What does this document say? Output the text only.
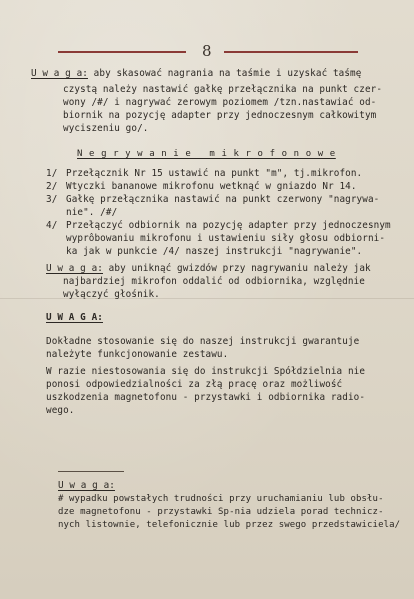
8
U w a g a: aby skasować nagrania na taśmie i uzyskać taśmę
czystą należy nastawić gałkę przełącznika na punkt czer-
wony /#/ i nagrywać zerowym poziomem /tzn.nastawiać od-
biornik na pozycję adapter przy jednoczesnym całkowitym
wyciszeniu go/.
N e g r y w a n i e   m i k r o f o n o w e
1/ Przełącznik Nr 15 ustawić na punkt "m", tj.mikrofon.
2/ Wtyczki bananowe mikrofonu wetknąć w gniazdo Nr 14.
3/ Gałkę przełącznika nastawić na punkt czerwony "nagrywa-
nie". /#/
4/ Przełączyć odbiornik na pozycję adapter przy jednoczesnym
wyprôbowaniu mikrofonu i ustawieniu siły głosu odbiorni-
ka jak w punkcie /4/ naszej instrukcji "nagrywanie".
U w a g a: aby uniknąć gwizdów przy nagrywaniu należy jak
najbardziej mikrofon oddalić od odbiornika, względnie
wyłączyć głośnik.
U W A G A:
Dokładne stosowanie się do naszej instrukcji gwarantuje
należyte funkcjonowanie zestawu.
W razie niestosowania się do instrukcji Spółdzielnia nie
ponosi odpowiedzialności za złą pracę oraz możliwość
uszkodzenia magnetofonu - przystawki i odbiornika radio-
wego.
U w a g a:
# wypadku powstałych trudności przy uruchamianiu lub obsłu-
dze magnetofonu - przystawki Sp-nia udziela porad technicz-
nych listownie, telefonicznie lub przez swego przedstawiciela/
